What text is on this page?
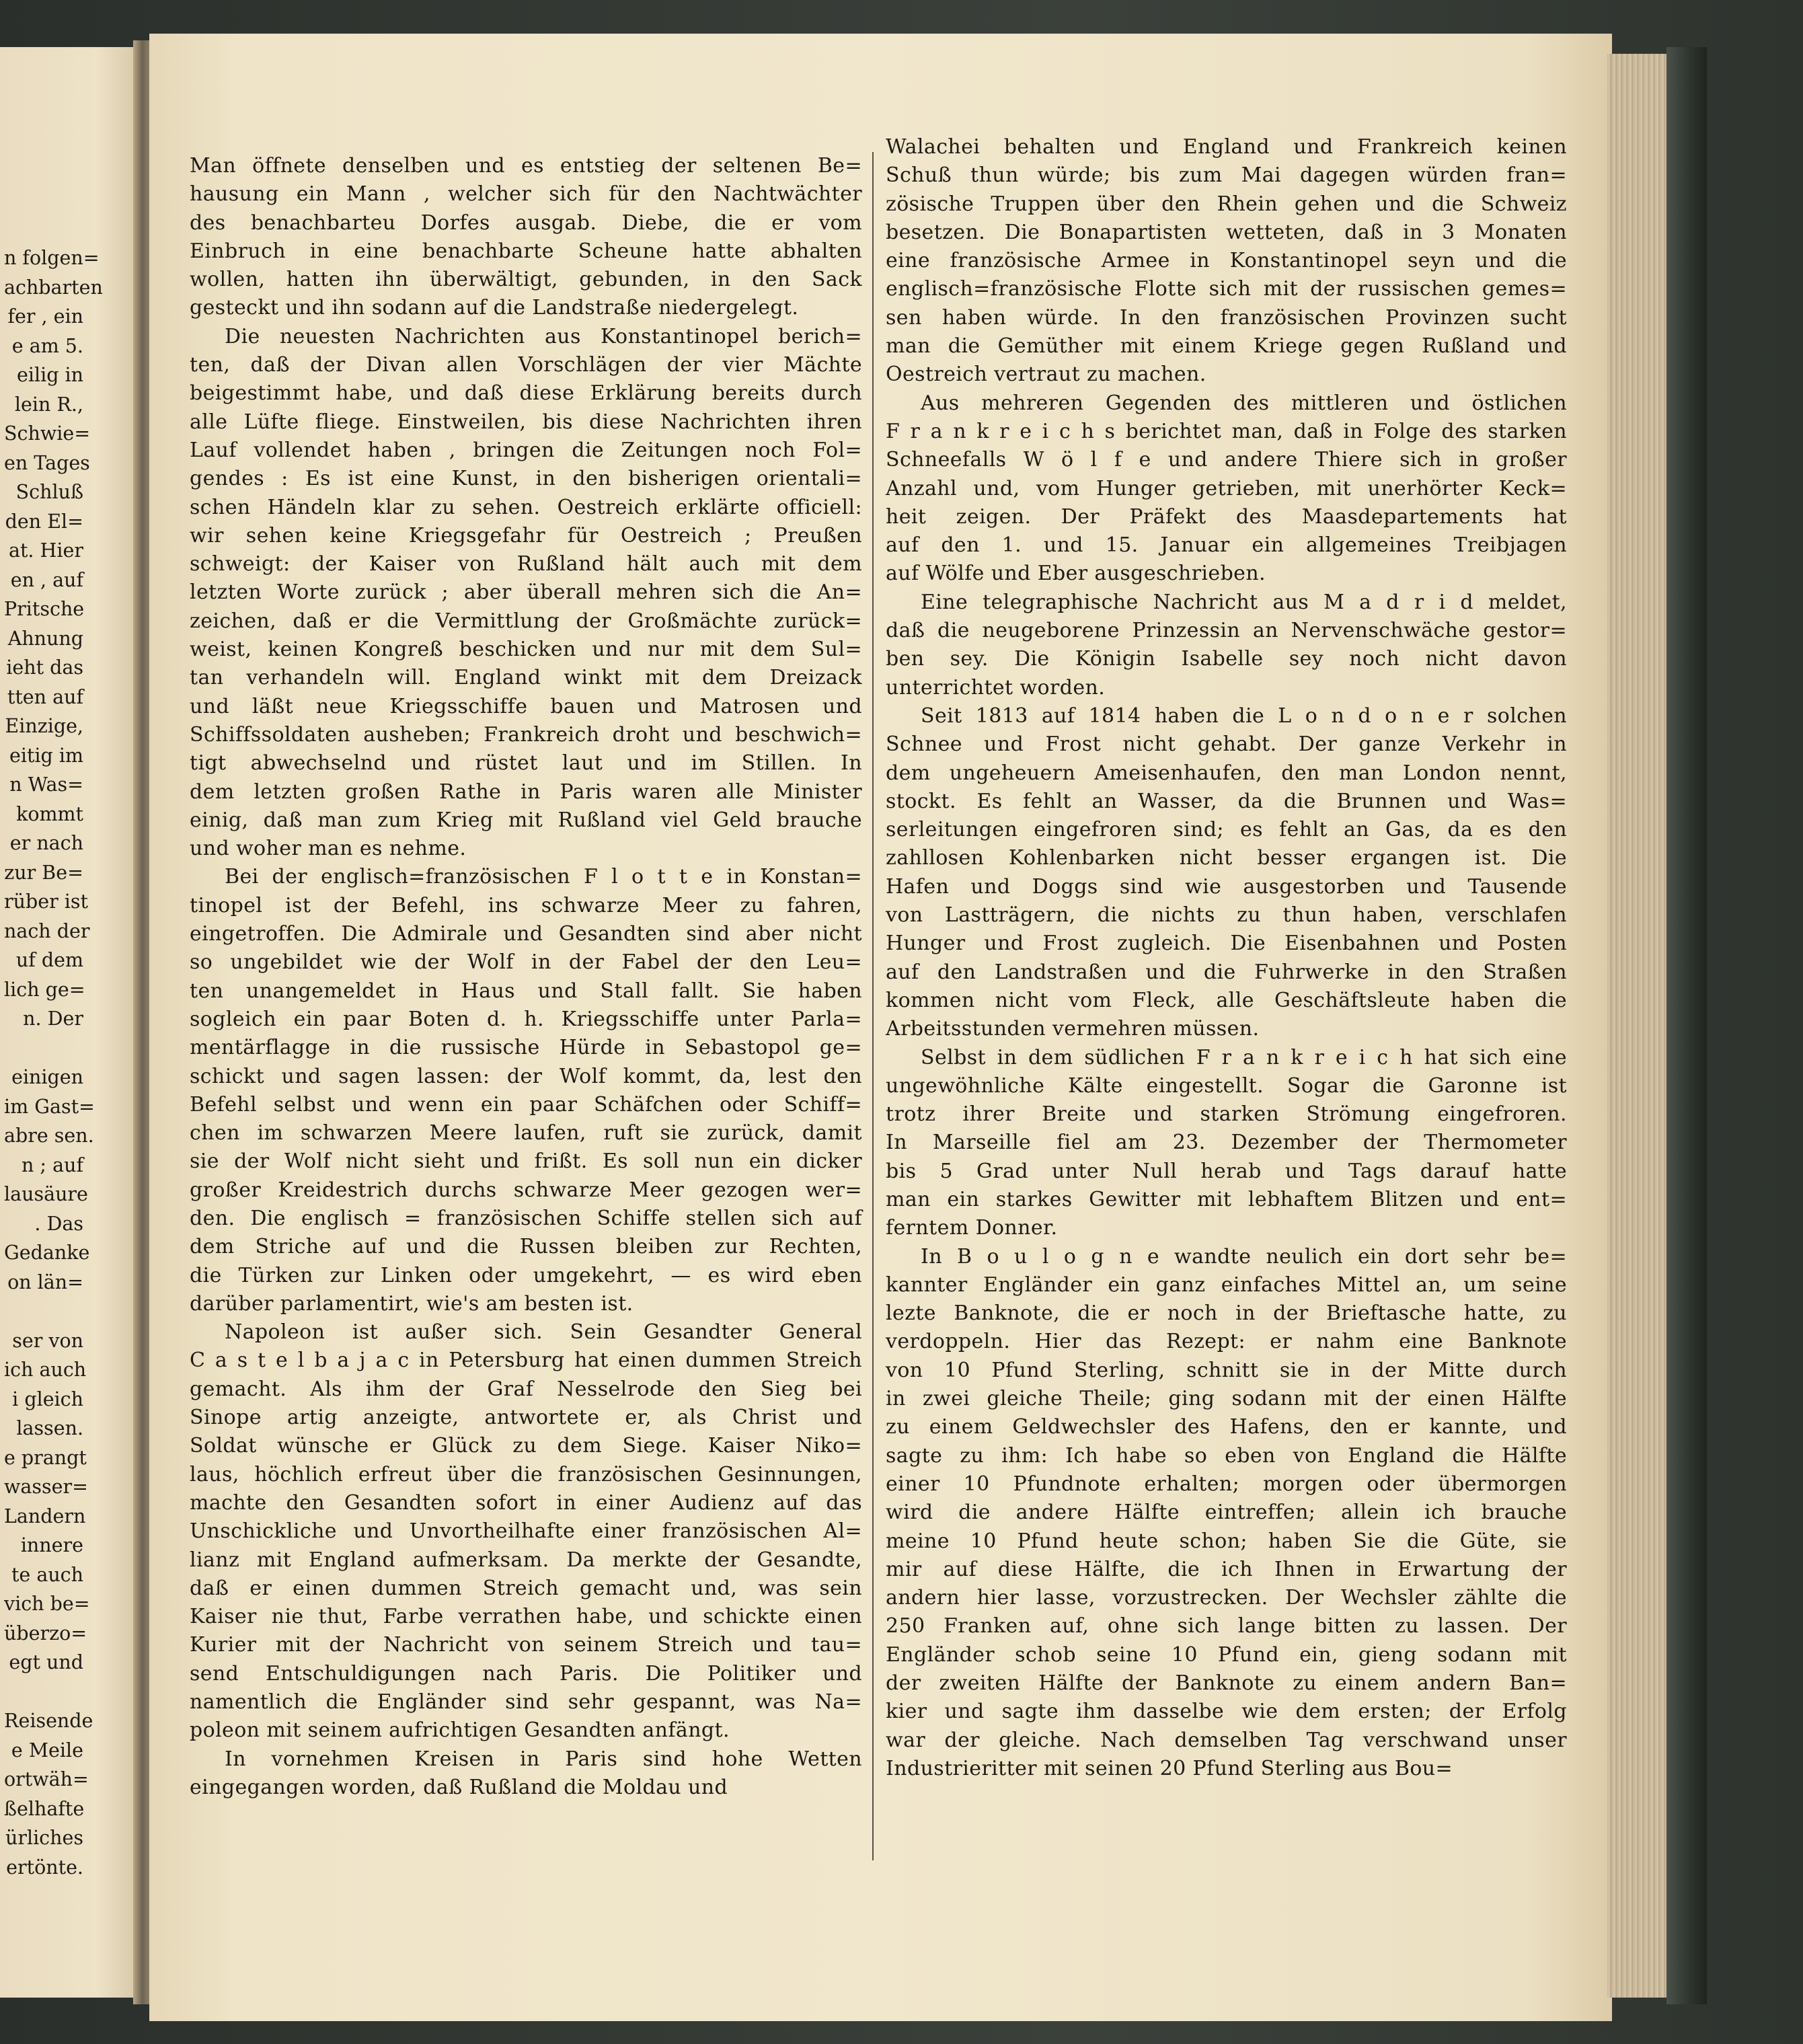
n folgen=
achbarten
fer , ein
e am 5.
eilig in
lein R.,
Schwie=
en Tages
Schluß
den El=
at. Hier
en , auf
Pritsche
Ahnung
ieht das
tten auf
Einzige,
eitig im
n Was=
kommt
er nach
zur Be=
rüber ist
nach der
uf dem
lich ge=
n. Der
einigen
im Gast=
abre sen.
n ; auf
lausäure
. Das
Gedanke
on län=
ser von
ich auch
i gleich
lassen.
e prangt
wasser=
Landern
innere
te auch
vich be=
überzo=
egt und
Reisende
e Meile
ortwäh=
ßelhafte
ürliches
ertönte.
Man öffnete denselben und es entstieg der seltenen Be=
hausung ein Mann , welcher sich für den Nachtwächter
des benachbarteu Dorfes ausgab. Diebe, die er vom
Einbruch in eine benachbarte Scheune hatte abhalten
wollen, hatten ihn überwältigt, gebunden, in den Sack
gesteckt und ihn sodann auf die Landstraße niedergelegt.
Die neuesten Nachrichten aus Konstantinopel berich=
ten, daß der Divan allen Vorschlägen der vier Mächte
beigestimmt habe, und daß diese Erklärung bereits durch
alle Lüfte fliege. Einstweilen, bis diese Nachrichten ihren
Lauf vollendet haben , bringen die Zeitungen noch Fol=
gendes : Es ist eine Kunst, in den bisherigen orientali=
schen Händeln klar zu sehen. Oestreich erklärte officiell:
wir sehen keine Kriegsgefahr für Oestreich ; Preußen
schweigt: der Kaiser von Rußland hält auch mit dem
letzten Worte zurück ; aber überall mehren sich die An=
zeichen, daß er die Vermittlung der Großmächte zurück=
weist, keinen Kongreß beschicken und nur mit dem Sul=
tan verhandeln will. England winkt mit dem Dreizack
und läßt neue Kriegsschiffe bauen und Matrosen und
Schiffssoldaten ausheben; Frankreich droht und beschwich=
tigt abwechselnd und rüstet laut und im Stillen. In
dem letzten großen Rathe in Paris waren alle Minister
einig, daß man zum Krieg mit Rußland viel Geld brauche
und woher man es nehme.
Bei der englisch=französischen F l o t t e in Konstan=
tinopel ist der Befehl, ins schwarze Meer zu fahren,
eingetroffen. Die Admirale und Gesandten sind aber nicht
so ungebildet wie der Wolf in der Fabel der den Leu=
ten unangemeldet in Haus und Stall fallt. Sie haben
sogleich ein paar Boten d. h. Kriegsschiffe unter Parla=
mentärflagge in die russische Hürde in Sebastopol ge=
schickt und sagen lassen: der Wolf kommt, da, lest den
Befehl selbst und wenn ein paar Schäfchen oder Schiff=
chen im schwarzen Meere laufen, ruft sie zurück, damit
sie der Wolf nicht sieht und frißt. Es soll nun ein dicker
großer Kreidestrich durchs schwarze Meer gezogen wer=
den. Die englisch = französischen Schiffe stellen sich auf
dem Striche auf und die Russen bleiben zur Rechten,
die Türken zur Linken oder umgekehrt, — es wird eben
darüber parlamentirt, wie's am besten ist.
Napoleon ist außer sich. Sein Gesandter General
C a s t e l b a j a c in Petersburg hat einen dummen Streich
gemacht. Als ihm der Graf Nesselrode den Sieg bei
Sinope artig anzeigte, antwortete er, als Christ und
Soldat wünsche er Glück zu dem Siege. Kaiser Niko=
laus, höchlich erfreut über die französischen Gesinnungen,
machte den Gesandten sofort in einer Audienz auf das
Unschickliche und Unvortheilhafte einer französischen Al=
lianz mit England aufmerksam. Da merkte der Gesandte,
daß er einen dummen Streich gemacht und, was sein
Kaiser nie thut, Farbe verrathen habe, und schickte einen
Kurier mit der Nachricht von seinem Streich und tau=
send Entschuldigungen nach Paris. Die Politiker und
namentlich die Engländer sind sehr gespannt, was Na=
poleon mit seinem aufrichtigen Gesandten anfängt.
In vornehmen Kreisen in Paris sind hohe Wetten
eingegangen worden, daß Rußland die Moldau und
Walachei behalten und England und Frankreich keinen
Schuß thun würde; bis zum Mai dagegen würden fran=
zösische Truppen über den Rhein gehen und die Schweiz
besetzen. Die Bonapartisten wetteten, daß in 3 Monaten
eine französische Armee in Konstantinopel seyn und die
englisch=französische Flotte sich mit der russischen gemes=
sen haben würde. In den französischen Provinzen sucht
man die Gemüther mit einem Kriege gegen Rußland und
Oestreich vertraut zu machen.
Aus mehreren Gegenden des mittleren und östlichen
F r a n k r e i c h s berichtet man, daß in Folge des starken
Schneefalls W ö l f e und andere Thiere sich in großer
Anzahl und, vom Hunger getrieben, mit unerhörter Keck=
heit zeigen. Der Präfekt des Maasdepartements hat
auf den 1. und 15. Januar ein allgemeines Treibjagen
auf Wölfe und Eber ausgeschrieben.
Eine telegraphische Nachricht aus M a d r i d meldet,
daß die neugeborene Prinzessin an Nervenschwäche gestor=
ben sey. Die Königin Isabelle sey noch nicht davon
unterrichtet worden.
Seit 1813 auf 1814 haben die L o n d o n e r solchen
Schnee und Frost nicht gehabt. Der ganze Verkehr in
dem ungeheuern Ameisenhaufen, den man London nennt,
stockt. Es fehlt an Wasser, da die Brunnen und Was=
serleitungen eingefroren sind; es fehlt an Gas, da es den
zahllosen Kohlenbarken nicht besser ergangen ist. Die
Hafen und Doggs sind wie ausgestorben und Tausende
von Lastträgern, die nichts zu thun haben, verschlafen
Hunger und Frost zugleich. Die Eisenbahnen und Posten
auf den Landstraßen und die Fuhrwerke in den Straßen
kommen nicht vom Fleck, alle Geschäftsleute haben die
Arbeitsstunden vermehren müssen.
Selbst in dem südlichen F r a n k r e i c h hat sich eine
ungewöhnliche Kälte eingestellt. Sogar die Garonne ist
trotz ihrer Breite und starken Strömung eingefroren.
In Marseille fiel am 23. Dezember der Thermometer
bis 5 Grad unter Null herab und Tags darauf hatte
man ein starkes Gewitter mit lebhaftem Blitzen und ent=
ferntem Donner.
In B o u l o g n e wandte neulich ein dort sehr be=
kannter Engländer ein ganz einfaches Mittel an, um seine
lezte Banknote, die er noch in der Brieftasche hatte, zu
verdoppeln. Hier das Rezept: er nahm eine Banknote
von 10 Pfund Sterling, schnitt sie in der Mitte durch
in zwei gleiche Theile; ging sodann mit der einen Hälfte
zu einem Geldwechsler des Hafens, den er kannte, und
sagte zu ihm: Ich habe so eben von England die Hälfte
einer 10 Pfundnote erhalten; morgen oder übermorgen
wird die andere Hälfte eintreffen; allein ich brauche
meine 10 Pfund heute schon; haben Sie die Güte, sie
mir auf diese Hälfte, die ich Ihnen in Erwartung der
andern hier lasse, vorzustrecken. Der Wechsler zählte die
250 Franken auf, ohne sich lange bitten zu lassen. Der
Engländer schob seine 10 Pfund ein, gieng sodann mit
der zweiten Hälfte der Banknote zu einem andern Ban=
kier und sagte ihm dasselbe wie dem ersten; der Erfolg
war der gleiche. Nach demselben Tag verschwand unser
Industrieritter mit seinen 20 Pfund Sterling aus Bou=
